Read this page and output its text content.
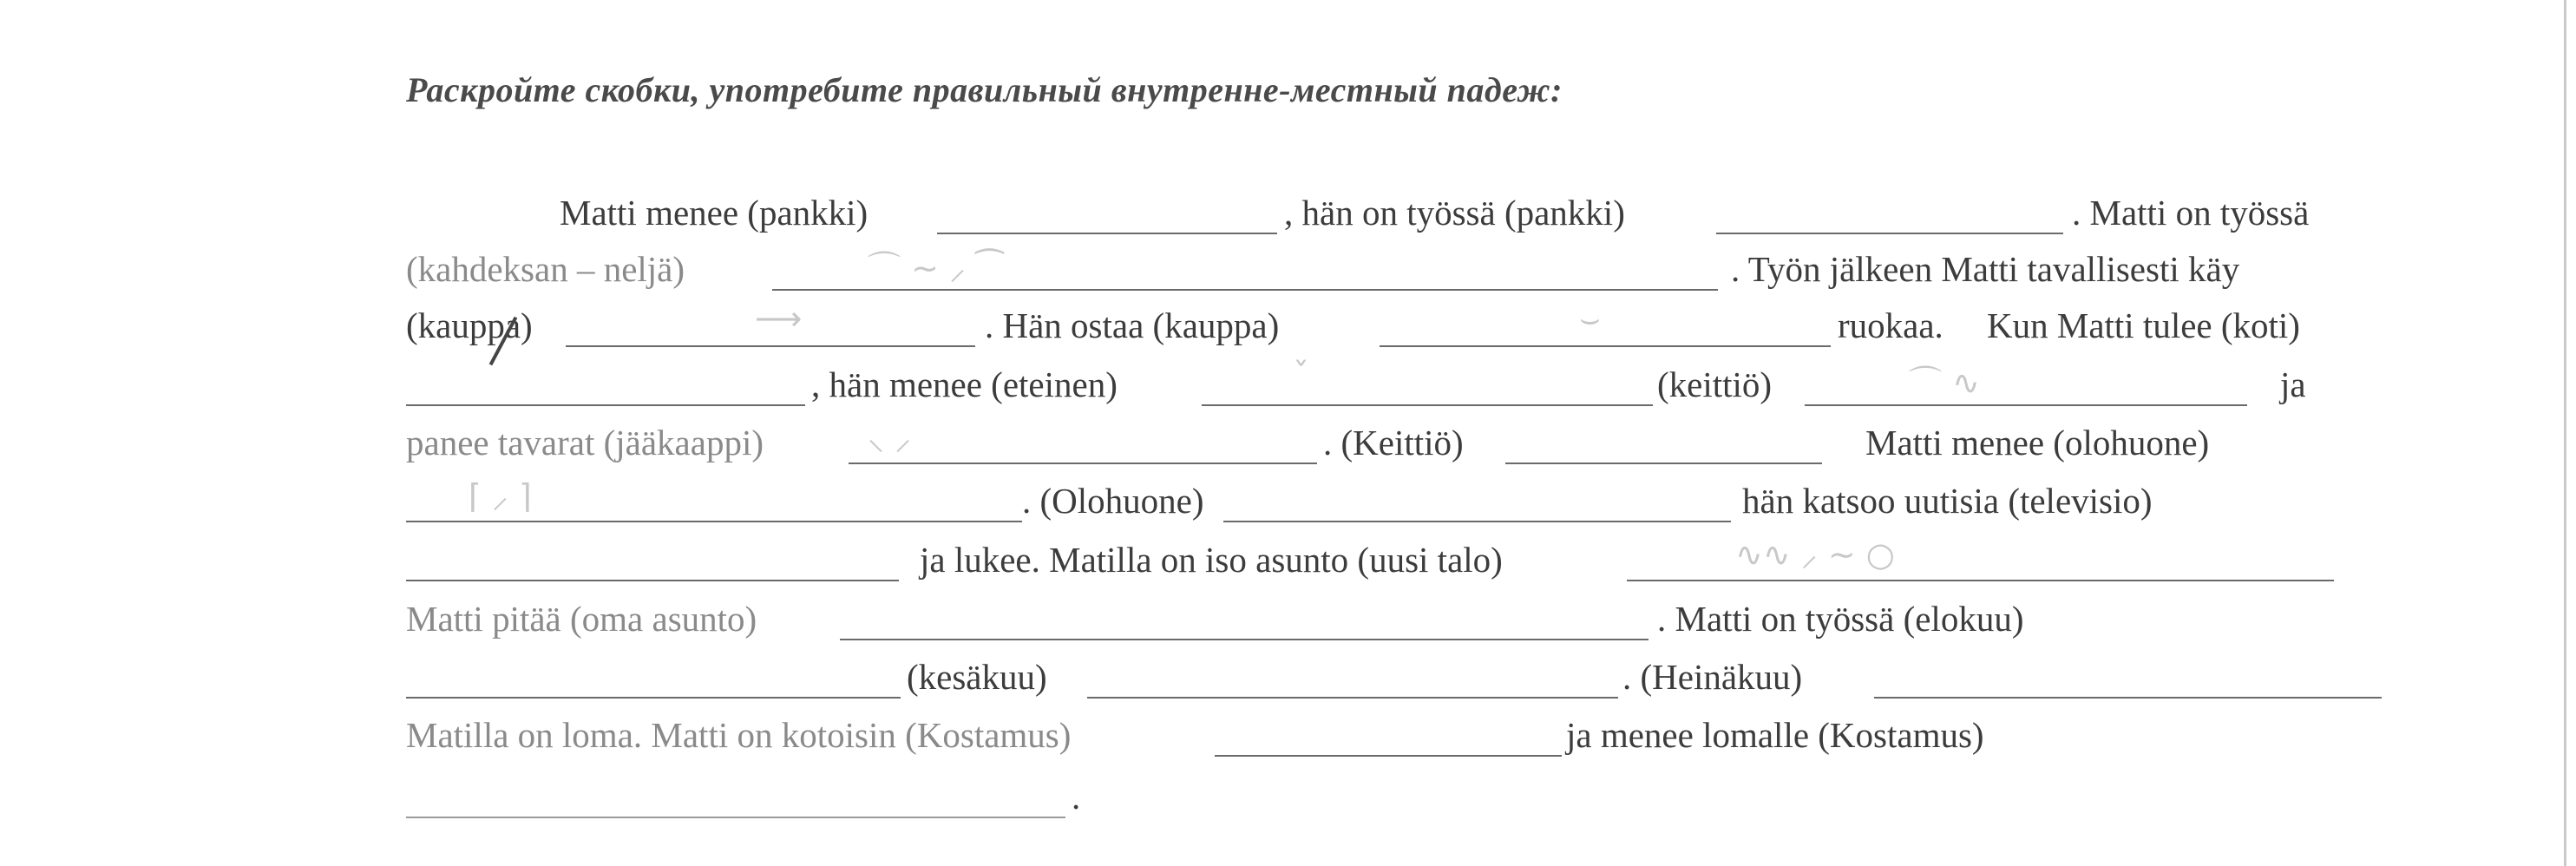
Раскройте скобки, употребите правильный внутренне-местный падеж:
Matti menee (pankki)	, hän on työssä (pankki)	. Matti on työssä
(kahdeksan – neljä)	. Työn jälkeen Matti tavallisesti käy
(kauppa)	. Hän ostaa (kauppa)	ruokaa. Kun Matti tulee (koti)
, hän menee (eteinen)	(keittiö)	ja
panee tavarat (jääkaappi)	. (Keittiö)	Matti menee (olohuone)
. (Olohuone)	hän katsoo uutisia (televisio)
ja lukee. Matilla on iso asunto (uusi talo)
Matti pitää (oma asunto)	. Matti on työssä (elokuu)
(kesäkuu)	. (Heinäkuu)
Matilla on loma. Matti on kotoisin (Kostamus)	ja menee lomalle (Kostamus)
.
⌒ ∼ ⸝ ⁀
⌣
⟶
⌒ ∿
ˇ
⸜ ⸝
⌈ ⸝ ⌉
∿∿ ⸝ ∼ ○
